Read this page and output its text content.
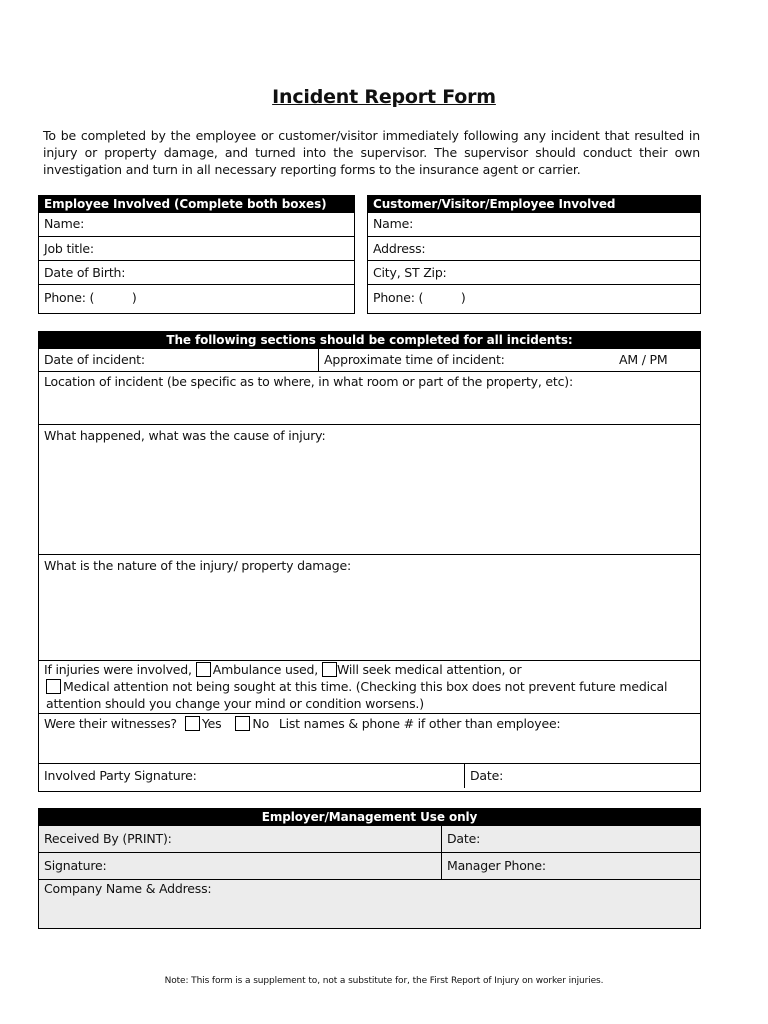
Incident Report Form
To be completed by the employee or customer/visitor immediately following any incident that resulted in injury or property damage, and turned into the supervisor. The supervisor should conduct their own investigation and turn in all necessary reporting forms to the insurance agent or carrier.
Employee Involved (Complete both boxes)
Name:
Job title:
Date of Birth:
Phone: (          )
Customer/Visitor/Employee Involved
Name:
Address:
City, ST Zip:
Phone: (          )
The following sections should be completed for all incidents:
Date of incident:	Approximate time of incident:	AM / PM
Location of incident (be specific as to where, in what room or part of the property, etc):
What happened, what was the cause of injury:
What is the nature of the injury/ property damage:
If injuries were involved, Ambulance used, Will seek medical attention, or
Medical attention not being sought at this time. (Checking this box does not prevent future medical attention should you change your mind or condition worsens.)
Were their witnesses? Yes No List names & phone # if other than employee:
Involved Party Signature:	Date:
Employer/Management Use only
Received By (PRINT):	Date:
Signature:	Manager Phone:
Company Name & Address:
Note: This form is a supplement to, not a substitute for, the First Report of Injury on worker injuries.
